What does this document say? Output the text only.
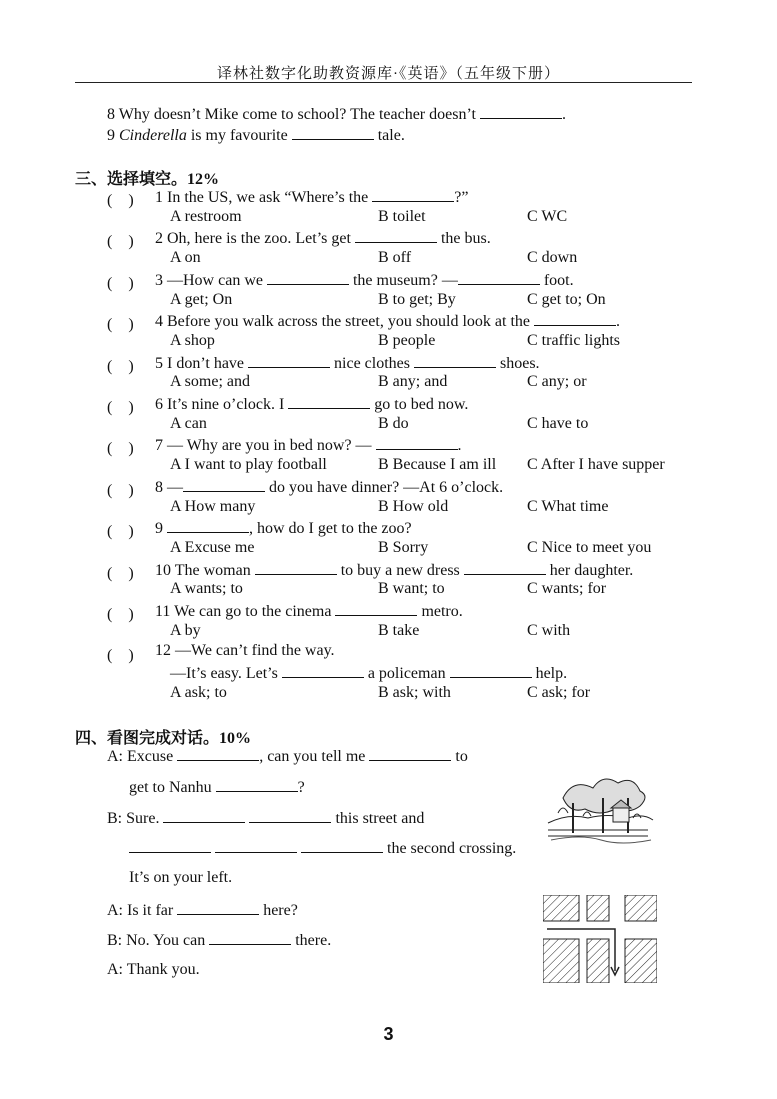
译林社数字化助教资源库·《英语》（五年级下册）
8 Why doesn’t Mike come to school? The teacher doesn’t	.
9 Cinderella is my favourite	tale.
三、选择填空。12%
(　) 1 In the US, we ask “Where’s the	?”
A restroom	B toilet	C WC
(　) 2 Oh, here is the zoo. Let’s get	the bus.
A on	B off	C down
(　) 3 —How can we	the museum? —	foot.
A get; On	B to get; By	C get to; On
(　) 4 Before you walk across the street, you should look at the	.
A shop	B people	C traffic lights
(　) 5 I don’t have	nice clothes	shoes.
A some; and	B any; and	C any; or
(　) 6 It’s nine o’clock. I	go to bed now.
A can	B do	C have to
(　) 7 — Why are you in bed now? —	.
A I want to play football	B Because I am ill C After I have supper
(　) 8 —	do you have dinner? —At 6 o’clock.
A How many	B How old	C What time
(　) 9	, how do I get to the zoo?
A Excuse me	B Sorry	C Nice to meet you
(　) 10 The woman	to buy a new dress	her daughter.
A wants; to	B want; to	C wants; for
(　) 11 We can go to the cinema	metro.
A by	B take	C with
(　) 12 —We can’t find the way.
—It’s easy. Let’s	a policeman	help.
A ask; to	B ask; with	C ask; for
四、看图完成对话。10%
A: Excuse	, can you tell me	to
get to Nanhu	?
B: Sure.	this street and
the second crossing.
It’s on your left.
A: Is it far	here?
B: No. You can	there.
A: Thank you.
3
